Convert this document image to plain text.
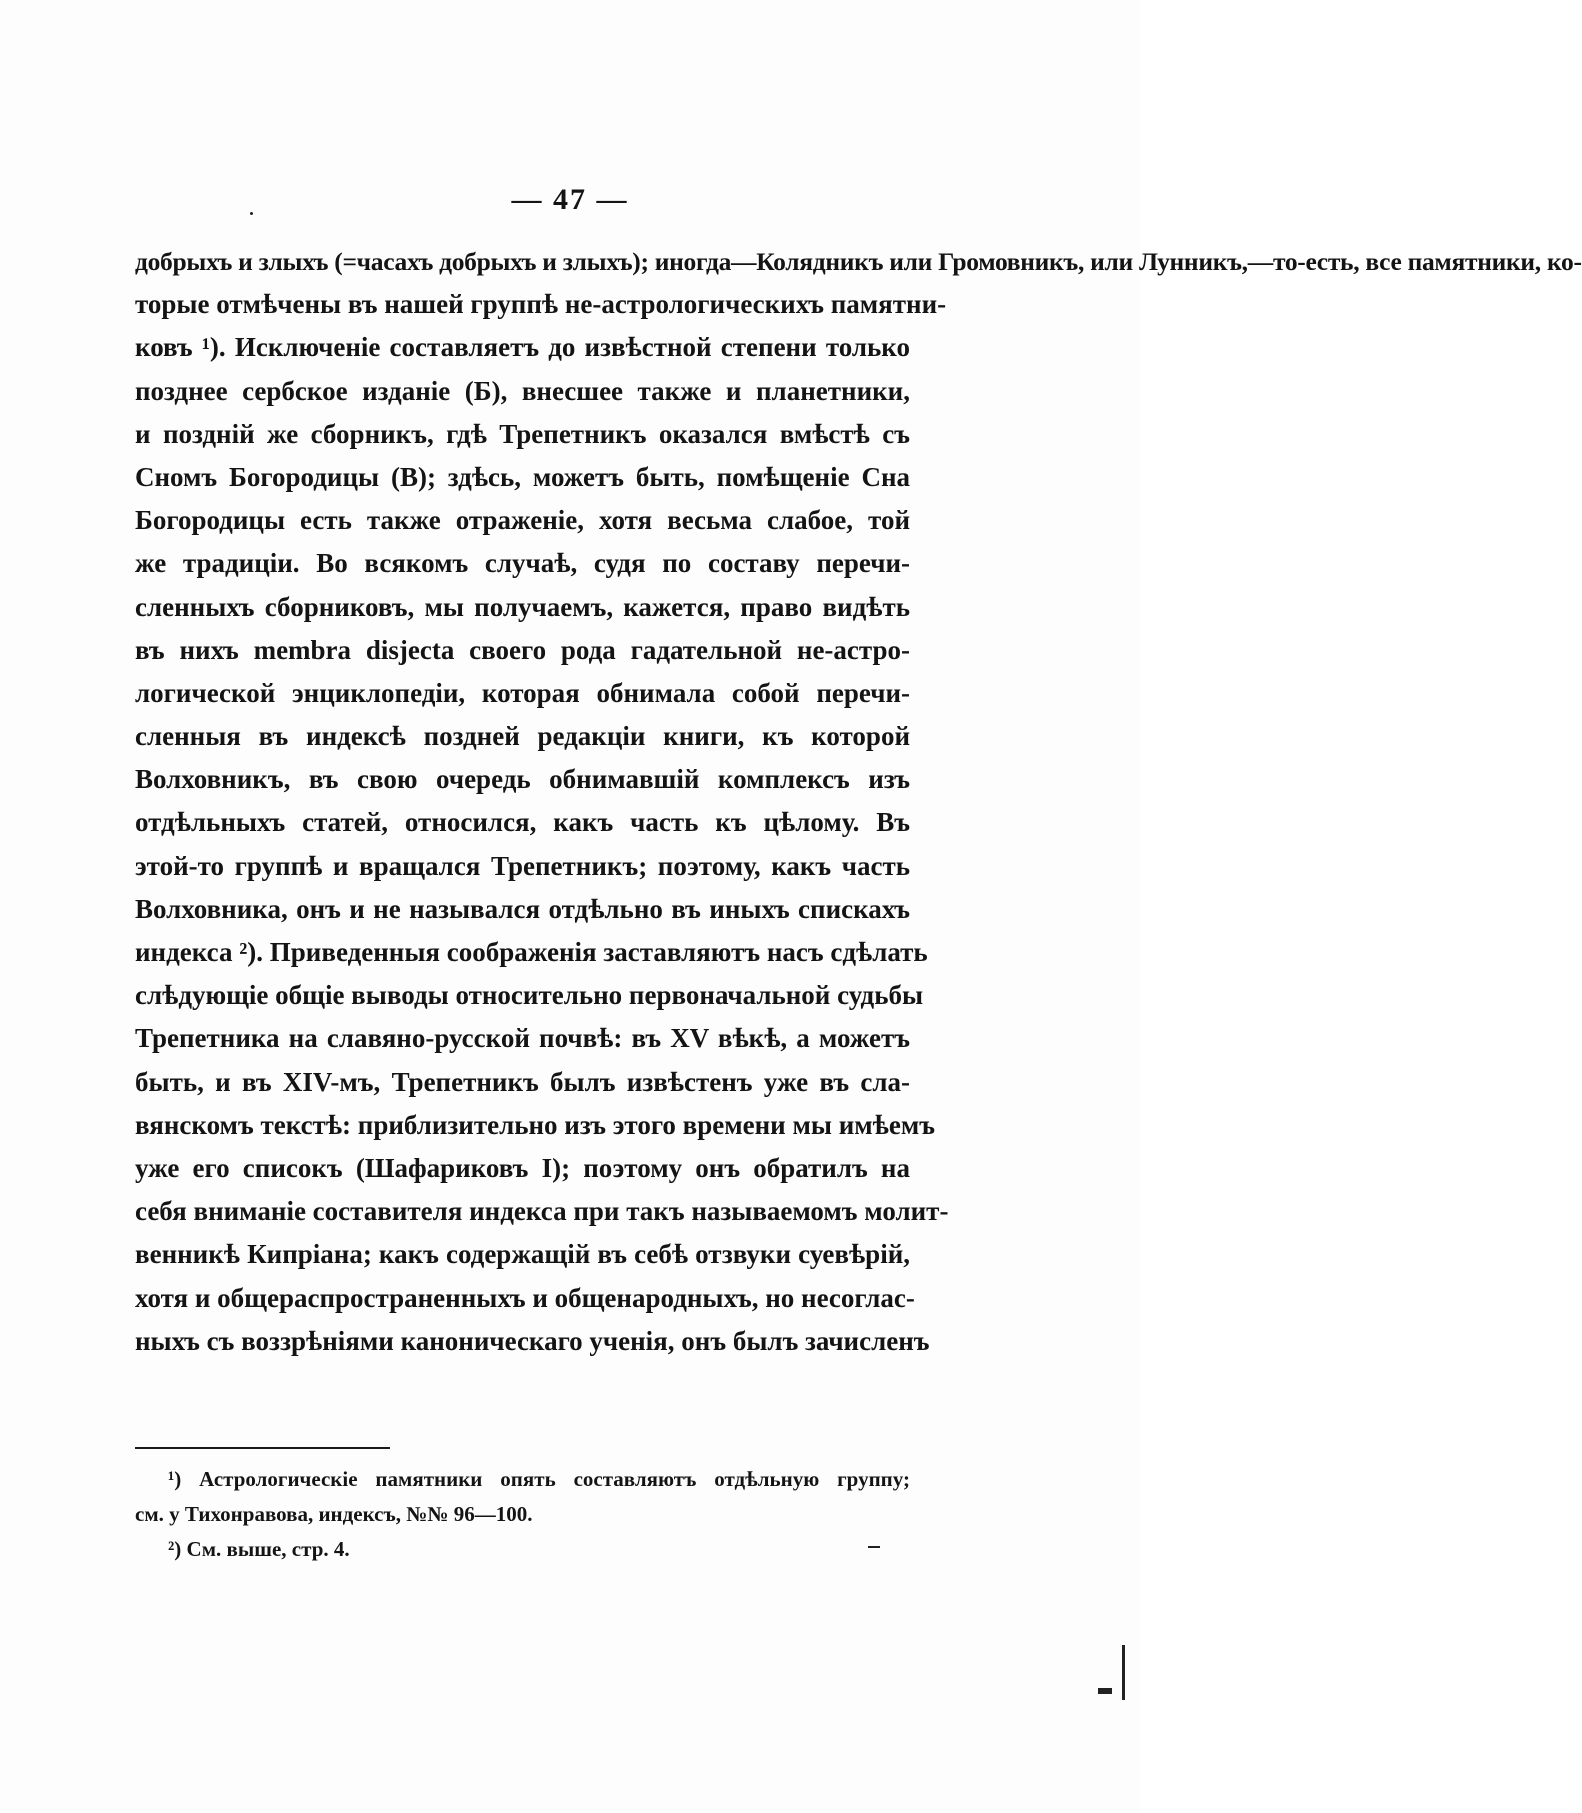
— 47 —
добрыхъ и злыхъ (=часахъ добрыхъ и злыхъ); иногда—Колядникъ или Громовникъ, или Лунникъ,—то-есть, все памятники, ко-
торые отмѣчены въ нашей группѣ не-астрологическихъ памятни-
ковъ ¹). Исключеніе составляетъ до извѣстной степени только
позднее сербское изданіе (Б), внесшее также и планетники,
и поздній же сборникъ, гдѣ Трепетникъ оказался вмѣстѣ съ
Сномъ Богородицы (В); здѣсь, можетъ быть, помѣщеніе Сна
Богородицы есть также отраженіе, хотя весьма слабое, той
же традиціи. Во всякомъ случаѣ, судя по составу перечи-
сленныхъ сборниковъ, мы получаемъ, кажется, право видѣть
въ нихъ membra disjecta своего рода гадательной не-астро-
логической энциклопедіи, которая обнимала собой перечи-
сленныя въ индексѣ поздней редакціи книги, къ которой
Волховникъ, въ свою очередь обнимавшій комплексъ изъ
отдѣльныхъ статей, относился, какъ часть къ цѣлому. Въ
этой-то группѣ и вращался Трепетникъ; поэтому, какъ часть
Волховника, онъ и не назывался отдѣльно въ иныхъ спискахъ
индекса ²). Приведенныя соображенія заставляютъ насъ сдѣлать
слѣдующіе общіе выводы относительно первоначальной судьбы
Трепетника на славяно-русской почвѣ: въ XV вѣкѣ, а можетъ
быть, и въ XIV-мъ, Трепетникъ былъ извѣстенъ уже въ сла-
вянскомъ текстѣ: приблизительно изъ этого времени мы имѣемъ
уже его списокъ (Шафариковъ I); поэтому онъ обратилъ на
себя вниманіе составителя индекса при такъ называемомъ молит-
венникѣ Кипріана; какъ содержащій въ себѣ отзвуки суевѣрій,
хотя и общераспространенныхъ и общенародныхъ, но несоглас-
ныхъ съ воззрѣніями каноническаго ученія, онъ былъ зачисленъ
¹) Астрологическіе памятники опять составляютъ отдѣльную группу;
см. у Тихонравова, индексъ, №№ 96—100.
²) См. выше, стр. 4.
